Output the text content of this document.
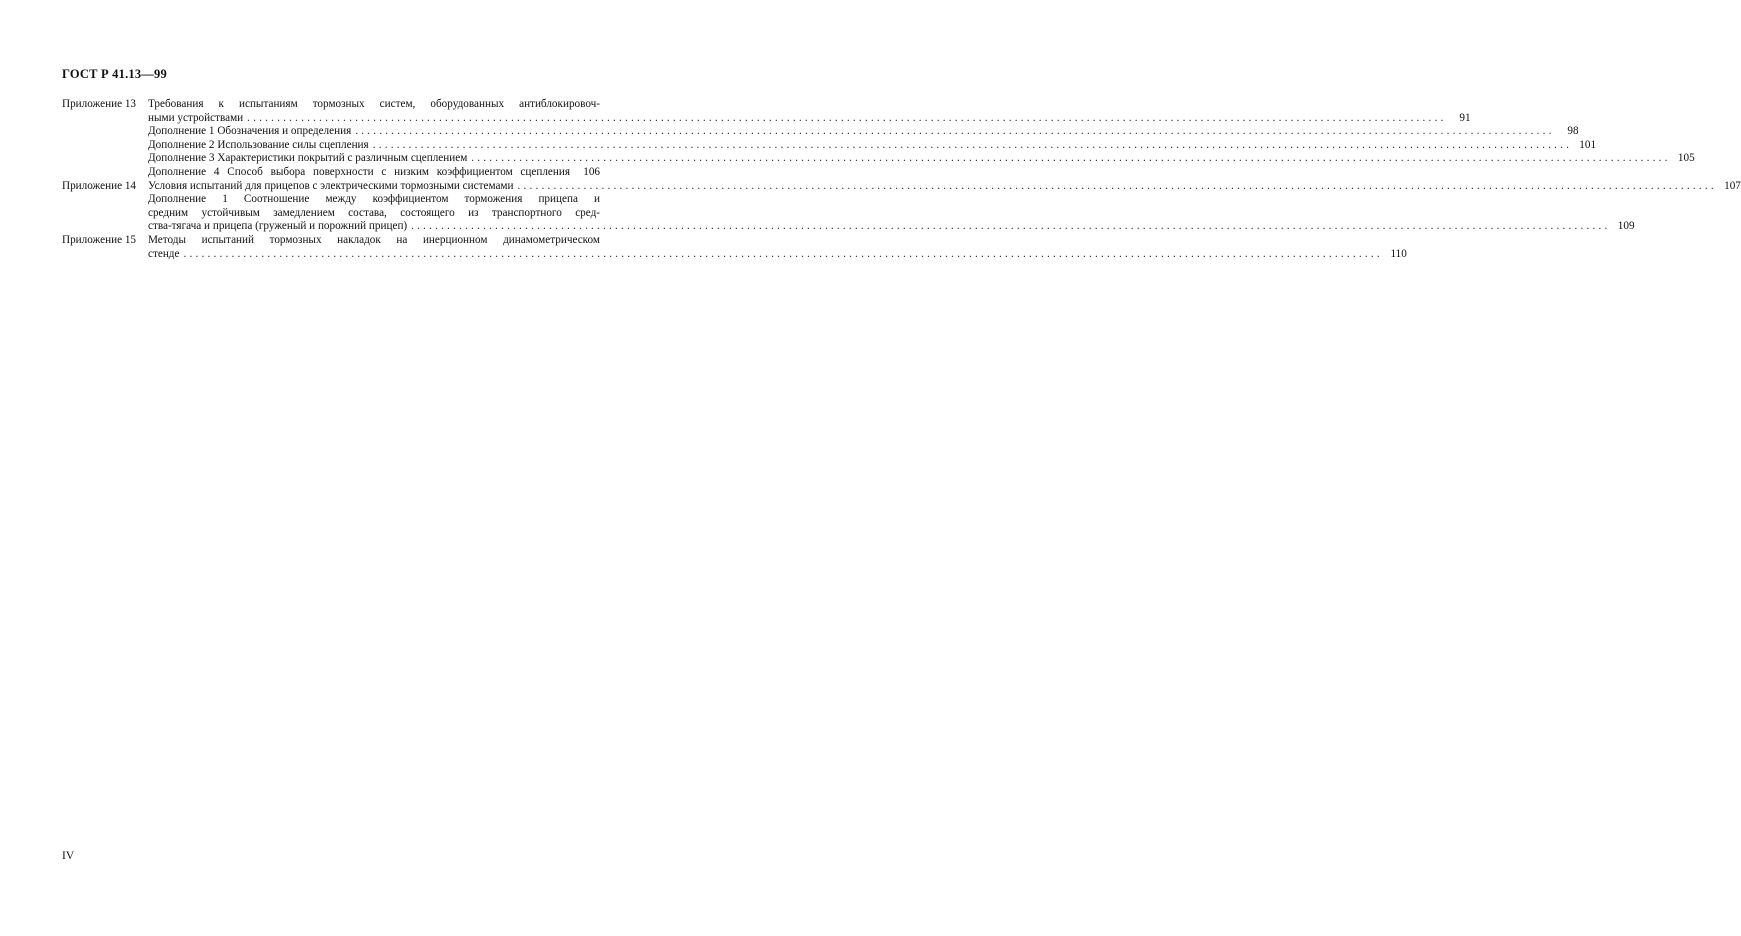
ГОСТ Р 41.13—99
Приложение 13 Требования к испытаниям тормозных систем, оборудованных антиблокировоч-
ными устройствами ........................................................................................................................................................................................................	91
Дополнение 1 Обозначения и определения ........................................................................................................................................................................................................	98
Дополнение 2 Использование силы сцепления ........................................................................................................................................................................................................ 101
Дополнение 3 Характеристики покрытий с различным сцеплением ........................................................................................................................................................................................................ 105
Дополнение 4 Способ выбора поверхности с низким коэффициентом сцепления 106
Приложение 14 Условия испытаний для прицепов с электрическими тормозными системами ........................................................................................................................................................................................................ 107
Дополнение 1 Соотношение между коэффициентом торможения прицепа и
средним устойчивым замедлением состава, состоящего из транспортного сред-
ства-тягача и прицепа (груженый и порожний прицеп) ........................................................................................................................................................................................................ 109
Приложение 15 Методы испытаний тормозных накладок на инерционном динамометрическом
стенде ........................................................................................................................................................................................................ 110
IV
